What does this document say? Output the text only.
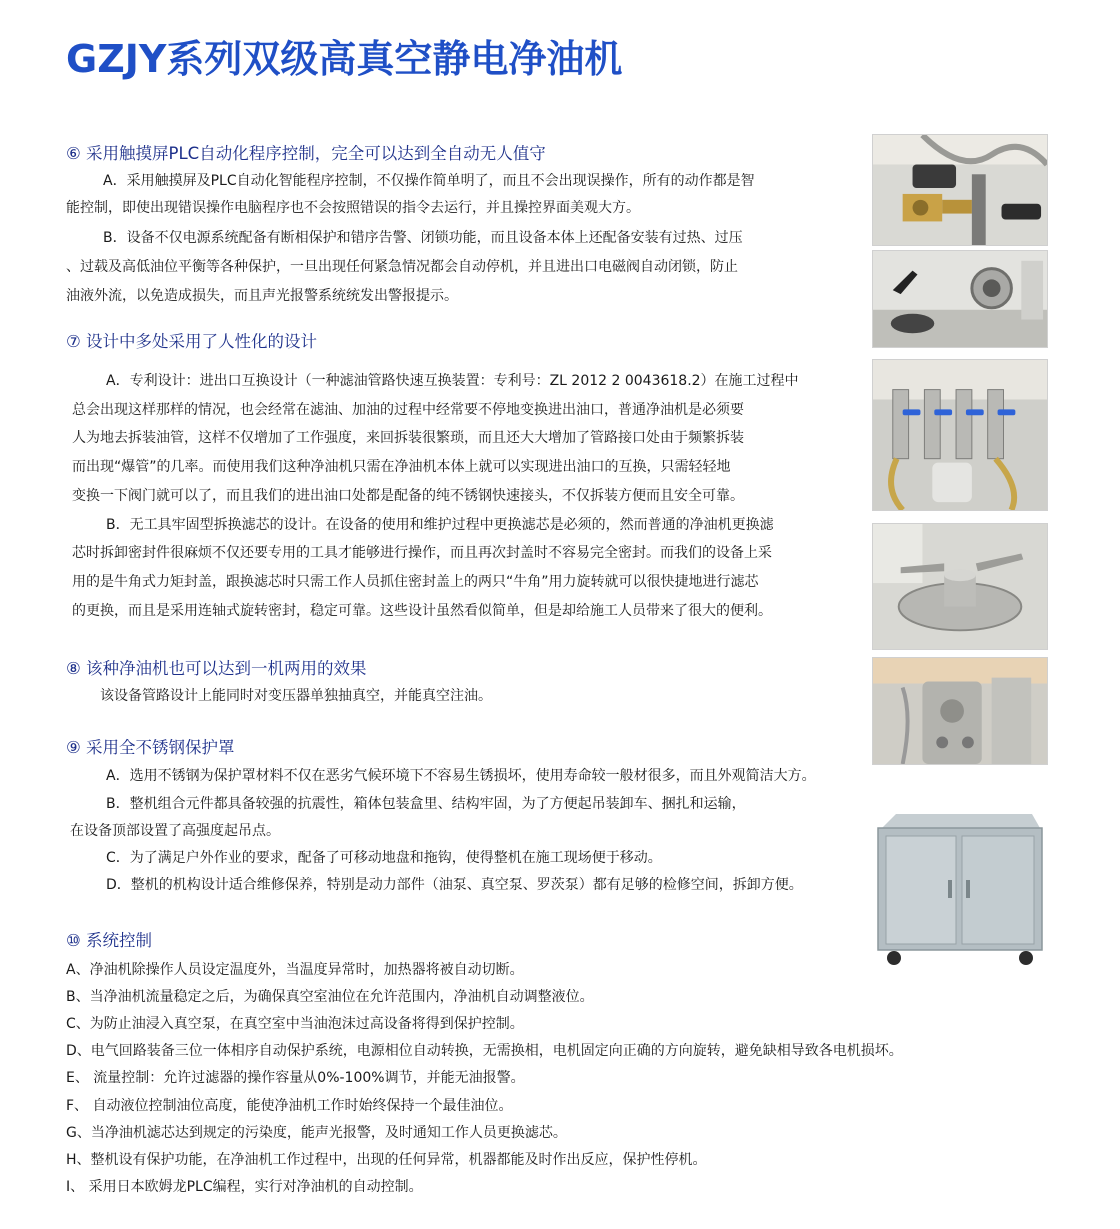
GZJY系列双级高真空静电净油机
⑥ 采用触摸屏PLC自动化程序控制，完全可以达到全自动无人值守

A．采用触摸屏及PLC自动化智能程序控制，不仅操作简单明了，而且不会出现误操作，所有的动作都是智

能控制，即使出现错误操作电脑程序也不会按照错误的指令去运行，并且操控界面美观大方。

B．设备不仅电源系统配备有断相保护和错序告警、闭锁功能，而且设备本体上还配备安装有过热、过压

、过载及高低油位平衡等各种保护，一旦出现任何紧急情况都会自动停机，并且进出口电磁阀自动闭锁，防止

油液外流，以免造成损失，而且声光报警系统统发出警报提示。

⑦ 设计中多处采用了人性化的设计

A．专利设计：进出口互换设计（一种滤油管路快速互换装置：专利号：ZL 2012 2 0043618.2）在施工过程中

总会出现这样那样的情况，也会经常在滤油、加油的过程中经常要不停地变换进出油口，普通净油机是必须要

人为地去拆装油管，这样不仅增加了工作强度，来回拆装很繁琐，而且还大大增加了管路接口处由于频繁拆装

而出现“爆管”的几率。而使用我们这种净油机只需在净油机本体上就可以实现进出油口的互换，只需轻轻地

变换一下阀门就可以了，而且我们的进出油口处都是配备的纯不锈钢快速接头，不仅拆装方便而且安全可靠。

B．无工具牢固型拆换滤芯的设计。在设备的使用和维护过程中更换滤芯是必须的，然而普通的净油机更换滤

芯时拆卸密封件很麻烦不仅还要专用的工具才能够进行操作，而且再次封盖时不容易完全密封。而我们的设备上采

用的是牛角式力矩封盖，跟换滤芯时只需工作人员抓住密封盖上的两只“牛角”用力旋转就可以很快捷地进行滤芯

的更换，而且是采用连轴式旋转密封，稳定可靠。这些设计虽然看似简单，但是却给施工人员带来了很大的便利。

⑧ 该种净油机也可以达到一机两用的效果

该设备管路设计上能同时对变压器单独抽真空，并能真空注油。

⑨ 采用全不锈钢保护罩

A．选用不锈钢为保护罩材料不仅在恶劣气候环境下不容易生锈损坏，使用寿命较一般材很多，而且外观简洁大方。

B．整机组合元件都具备较强的抗震性，箱体包装盒里、结构牢固，为了方便起吊装卸车、捆扎和运输，

在设备顶部设置了高强度起吊点。

C．为了满足户外作业的要求，配备了可移动地盘和拖钩，使得整机在施工现场便于移动。

D．整机的机构设计适合维修保养，特别是动力部件（油泵、真空泵、罗茨泵）都有足够的检修空间，拆卸方便。

⑩ 系统控制

A、净油机除操作人员设定温度外，当温度异常时，加热器将被自动切断。

B、当净油机流量稳定之后，为确保真空室油位在允许范围内，净油机自动调整液位。

C、为防止油浸入真空泵，在真空室中当油泡沫过高设备将得到保护控制。

D、电气回路装备三位一体相序自动保护系统，电源相位自动转换，无需换相，电机固定向正确的方向旋转，避免缺相导致各电机损坏。

E、 流量控制：允许过滤器的操作容量从0%-100%调节，并能无油报警。

F、 自动液位控制油位高度，能使净油机工作时始终保持一个最佳油位。

G、当净油机滤芯达到规定的污染度，能声光报警，及时通知工作人员更换滤芯。

H、整机设有保护功能，在净油机工作过程中，出现的任何异常，机器都能及时作出反应，保护性停机。

I、 采用日本欧姆龙PLC编程，实行对净油机的自动控制。
